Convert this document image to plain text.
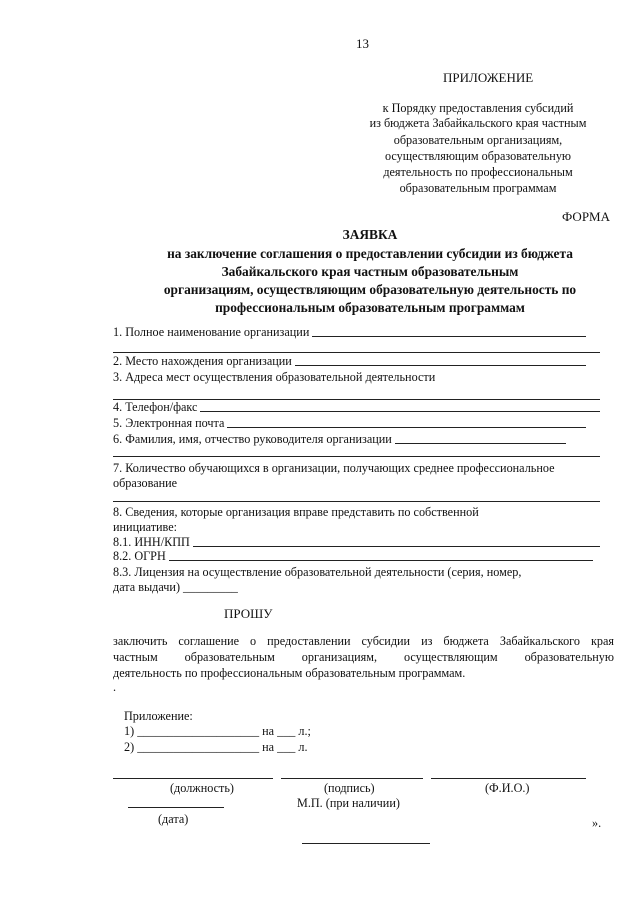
13
ПРИЛОЖЕНИЕ
к Порядку предоставления субсидий
из бюджета Забайкальского края частным
образовательным организациям,
осуществляющим образовательную
деятельность по профессиональным
образовательным программам
ФОРМА
ЗАЯВКА
на заключение соглашения о предоставлении субсидии из бюджета
Забайкальского края частным образовательным
организациям, осуществляющим образовательную деятельность по
профессиональным образовательным программам
1. Полное наименование организации
2. Место нахождения организации
3. Адреса мест осуществления образовательной деятельности
4. Телефон/факс
5. Электронная почта
6. Фамилия, имя, отчество руководителя организации
7. Количество обучающихся в организации, получающих среднее профессиональное
образование
8. Сведения, которые организация вправе представить по собственной
инициативе:
8.1. ИНН/КПП
8.2. ОГРН
8.3. Лицензия на осуществление образовательной деятельности (серия, номер,
дата выдачи) _________
ПРОШУ
заключить соглашение о предоставлении субсидии из бюджета Забайкальского края
частным образовательным организациям, осуществляющим образовательную
деятельность по профессиональным образовательным программам.
.
Приложение:
1) ____________________ на ___ л.;
2) ____________________ на ___ л.
(должность)	(подпись)	(Ф.И.О.)
М.П. (при наличии)
(дата)	».
